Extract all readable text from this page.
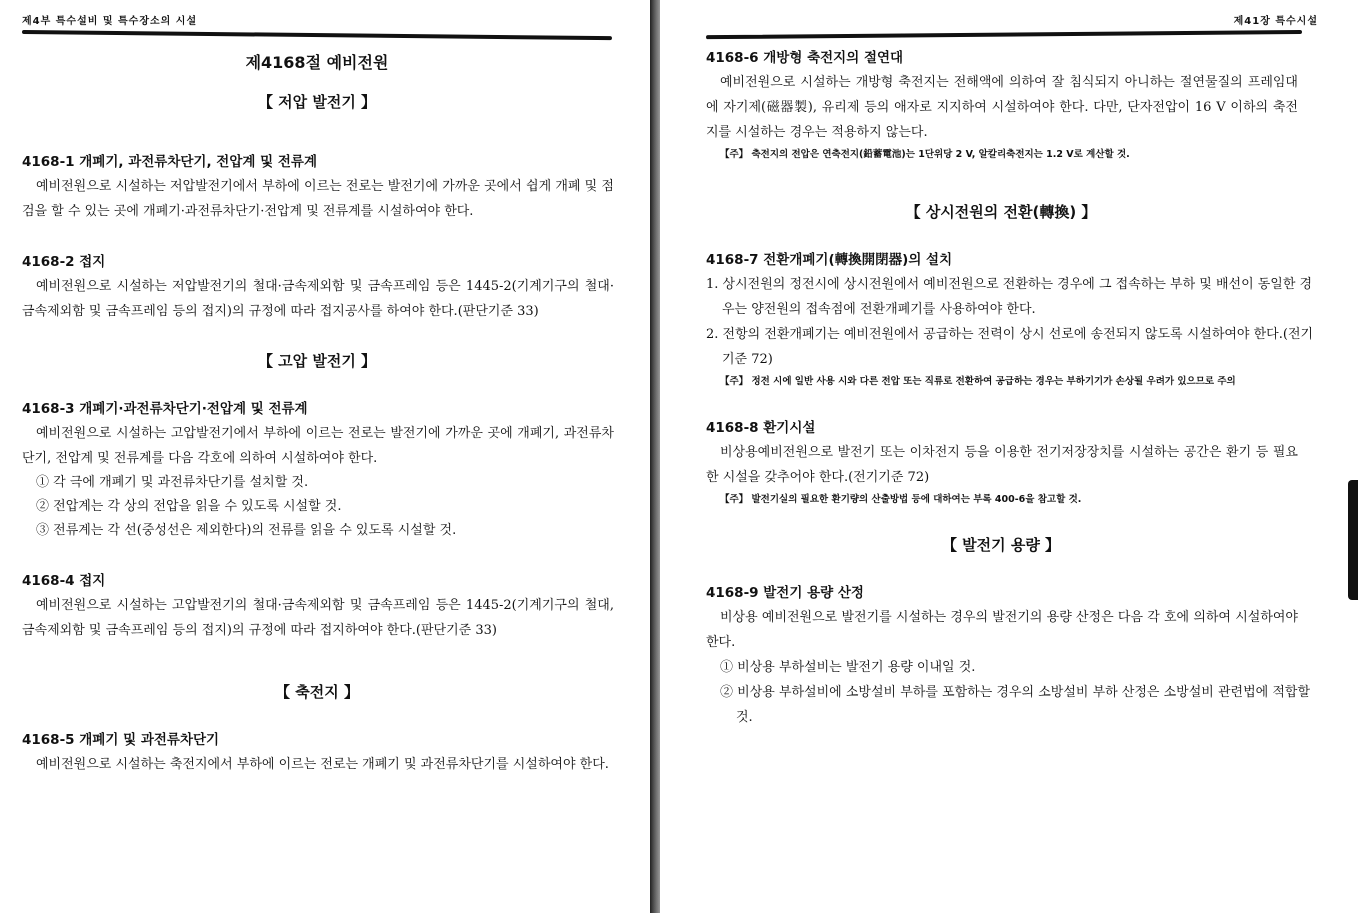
제4부 특수설비 및 특수장소의 시설
제4168절 예비전원
【 저압 발전기 】
4168-1 개폐기, 과전류차단기, 전압계 및 전류계

예비전원으로 시설하는 저압발전기에서 부하에 이르는 전로는 발전기에 가까운 곳에서 쉽게 개폐 및 점검을 할 수 있는 곳에 개폐기·과전류차단기·전압계 및 전류계를 시설하여야 한다.

4168-2 접지

예비전원으로 시설하는 저압발전기의 철대·금속제외함 및 금속프레임 등은 1445-2(기계기구의 철대·금속제외함 및 금속프레임 등의 접지)의 규정에 따라 접지공사를 하여야 한다.(판단기준 33)

【 고압 발전기 】
4168-3 개폐기·과전류차단기·전압계 및 전류계

예비전원으로 시설하는 고압발전기에서 부하에 이르는 전로는 발전기에 가까운 곳에 개폐기, 과전류차단기, 전압계 및 전류계를 다음 각호에 의하여 시설하여야 한다.

① 각 극에 개폐기 및 과전류차단기를 설치할 것.

② 전압계는 각 상의 전압을 읽을 수 있도록 시설할 것.

③ 전류계는 각 선(중성선은 제외한다)의 전류를 읽을 수 있도록 시설할 것.

4168-4 접지

예비전원으로 시설하는 고압발전기의 철대·금속제외함 및 금속프레임 등은 1445-2(기계기구의 철대, 금속제외함 및 금속프레임 등의 접지)의 규정에 따라 접지하여야 한다.(판단기준 33)

【 축전지 】
4168-5 개폐기 및 과전류차단기

예비전원으로 시설하는 축전지에서 부하에 이르는 전로는 개폐기 및 과전류차단기를 시설하여야 한다.

제41장 특수시설
4168-6 개방형 축전지의 절연대

예비전원으로 시설하는 개방형 축전지는 전해액에 의하여 잘 침식되지 아니하는 절연물질의 프레임대에 자기제(磁器製), 유리제 등의 애자로 지지하여 시설하여야 한다. 다만, 단자전압이 16 V 이하의 축전지를 시설하는 경우는 적용하지 않는다.

【주】 축전지의 전압은 연축전지(鉛蓄電池)는 1단위당 2 V, 알칼리축전지는 1.2 V로 계산할 것.
【 상시전원의 전환(轉換) 】
4168-7 전환개폐기(轉換開閉器)의 설치

1. 상시전원의 정전시에 상시전원에서 예비전원으로 전환하는 경우에 그 접속하는 부하 및 배선이 동일한 경우는 양전원의 접속점에 전환개폐기를 사용하여야 한다.

2. 전항의 전환개폐기는 예비전원에서 공급하는 전력이 상시 선로에 송전되지 않도록 시설하여야 한다.(전기기준 72)

【주】 정전 시에 일반 사용 시와 다른 전압 또는 직류로 전환하여 공급하는 경우는 부하기기가 손상될 우려가 있으므로 주의
4168-8 환기시설

비상용예비전원으로 발전기 또는 이차전지 등을 이용한 전기저장장치를 시설하는 공간은 환기 등 필요한 시설을 갖추어야 한다.(전기기준 72)

【주】 발전기실의 필요한 환기량의 산출방법 등에 대하여는 부록 400-6을 참고할 것.
【 발전기 용량 】
4168-9 발전기 용량 산정

비상용 예비전원으로 발전기를 시설하는 경우의 발전기의 용량 산정은 다음 각 호에 의하여 시설하여야 한다.

① 비상용 부하설비는 발전기 용량 이내일 것.

② 비상용 부하설비에 소방설비 부하를 포함하는 경우의 소방설비 부하 산정은 소방설비 관련법에 적합할 것.
